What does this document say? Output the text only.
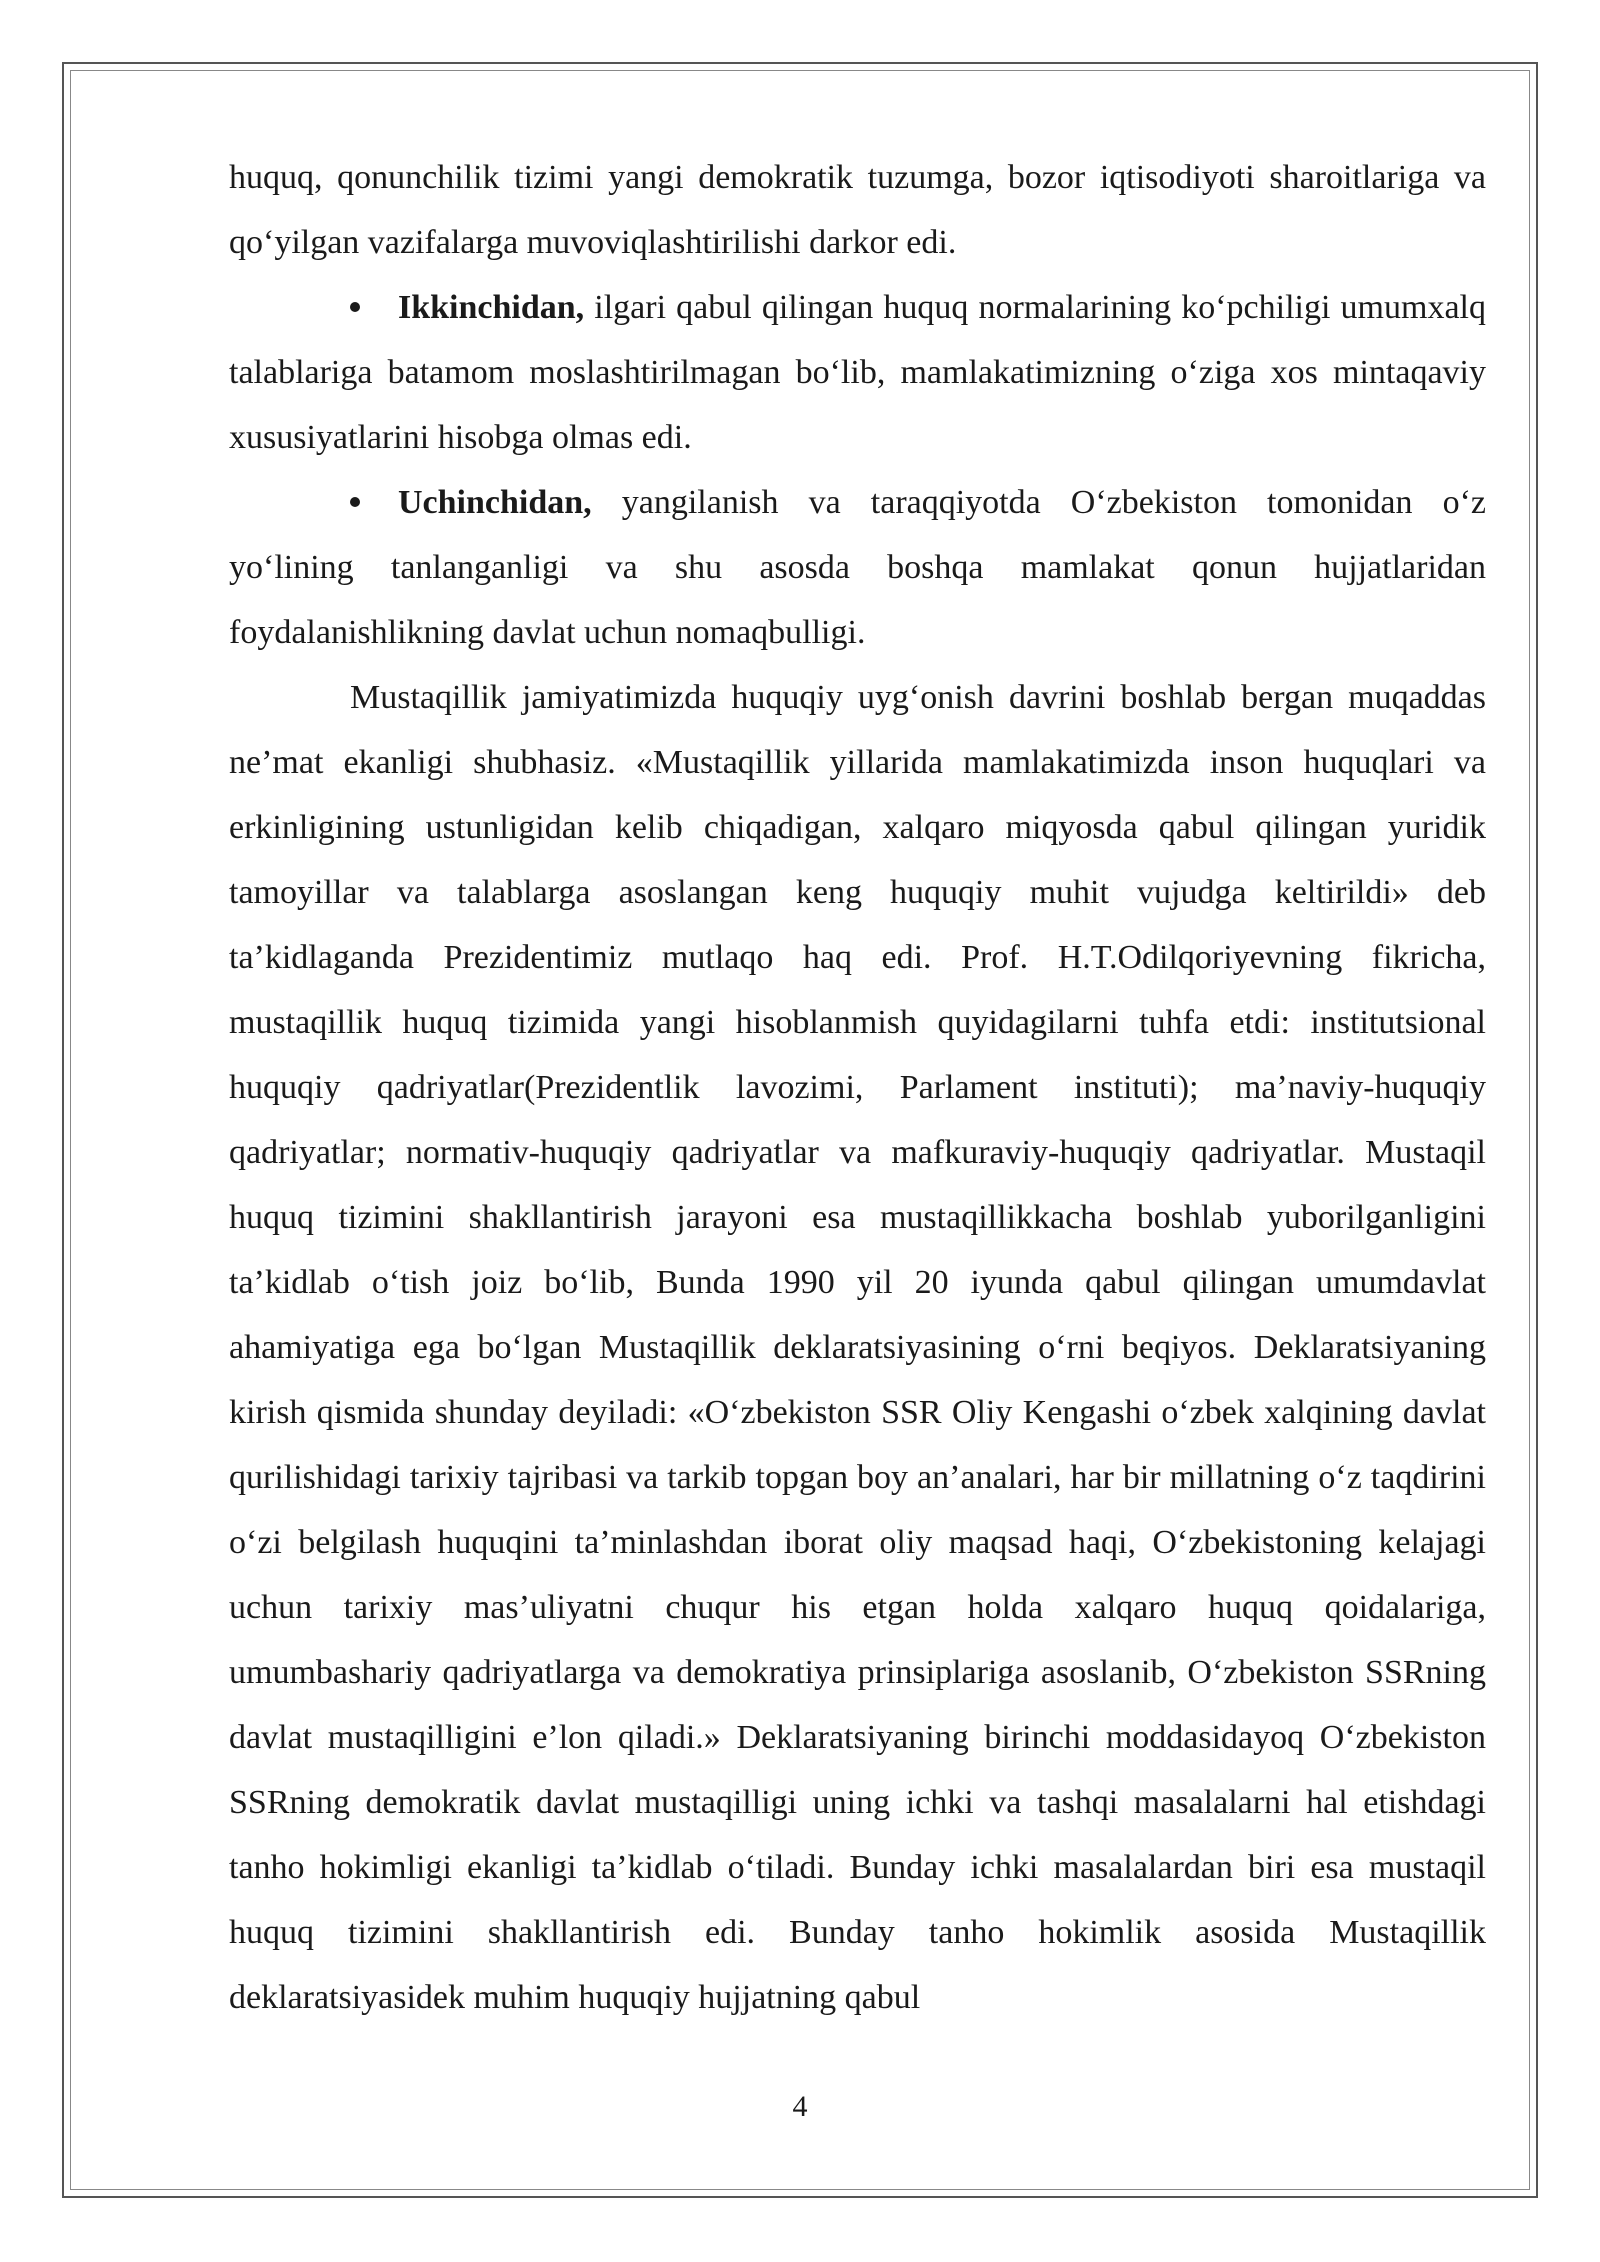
huquq, qonunchilik tizimi yangi demokratik tuzumga, bozor iqtisodiyoti sharoitlariga va qo‘yilgan vazifalarga muvoviqlashtirilishi darkor edi.

Ikkinchidan, ilgari qabul qilingan huquq normalarining ko‘pchiligi umumxalq talablariga batamom moslashtirilmagan bo‘lib, mamlakatimizning o‘ziga xos mintaqaviy xususiyatlarini hisobga olmas edi.

Uchinchidan, yangilanish va taraqqiyotda O‘zbekiston tomonidan o‘z yo‘lining tanlanganligi va shu asosda boshqa mamlakat qonun hujjatlaridan foydalanishlikning davlat uchun nomaqbulligi.

Mustaqillik jamiyatimizda huquqiy uyg‘onish davrini boshlab bergan muqaddas ne’mat ekanligi shubhasiz. «Mustaqillik yillarida mamlakatimizda inson huquqlari va erkinligining ustunligidan kelib chiqadigan, xalqaro miqyosda qabul qilingan yuridik tamoyillar va talablarga asoslangan keng huquqiy muhit vujudga keltirildi» deb ta’kidlaganda Prezidentimiz mutlaqo haq edi. Prof. H.T.Odilqoriyevning fikricha, mustaqillik huquq tizimida yangi hisoblanmish quyidagilarni tuhfa etdi: institutsional huquqiy qadriyatlar(Prezidentlik lavozimi, Parlament instituti); ma’naviy-huquqiy qadriyatlar; normativ-huquqiy qadriyatlar va mafkuraviy-huquqiy qadriyatlar. Mustaqil huquq tizimini shakllantirish jarayoni esa mustaqillikkacha boshlab yuborilganligini ta’kidlab o‘tish joiz bo‘lib, Bunda 1990 yil 20 iyunda qabul qilingan umumdavlat ahamiyatiga ega bo‘lgan Mustaqillik deklaratsiyasining o‘rni beqiyos. Deklaratsiyaning kirish qismida shunday deyiladi: «O‘zbekiston SSR Oliy Kengashi o‘zbek xalqining davlat qurilishidagi tarixiy tajribasi va tarkib topgan boy an’analari, har bir millatning o‘z taqdirini o‘zi belgilash huquqini ta’minlashdan iborat oliy maqsad haqi, O‘zbekistoning kelajagi uchun tarixiy mas’uliyatni chuqur his etgan holda xalqaro huquq qoidalariga, umumbashariy qadriyatlarga va demokratiya prinsiplariga asoslanib, O‘zbekiston SSRning davlat mustaqilligini e’lon qiladi.» Deklaratsiyaning birinchi moddasidayoq O‘zbekiston SSRning demokratik davlat mustaqilligi uning ichki va tashqi masalalarni hal etishdagi tanho hokimligi ekanligi ta’kidlab o‘tiladi. Bunday ichki masalalardan biri esa mustaqil huquq tizimini shakllantirish edi. Bunday tanho hokimlik asosida Mustaqillik deklaratsiyasidek muhim huquqiy hujjatning qabul

4
